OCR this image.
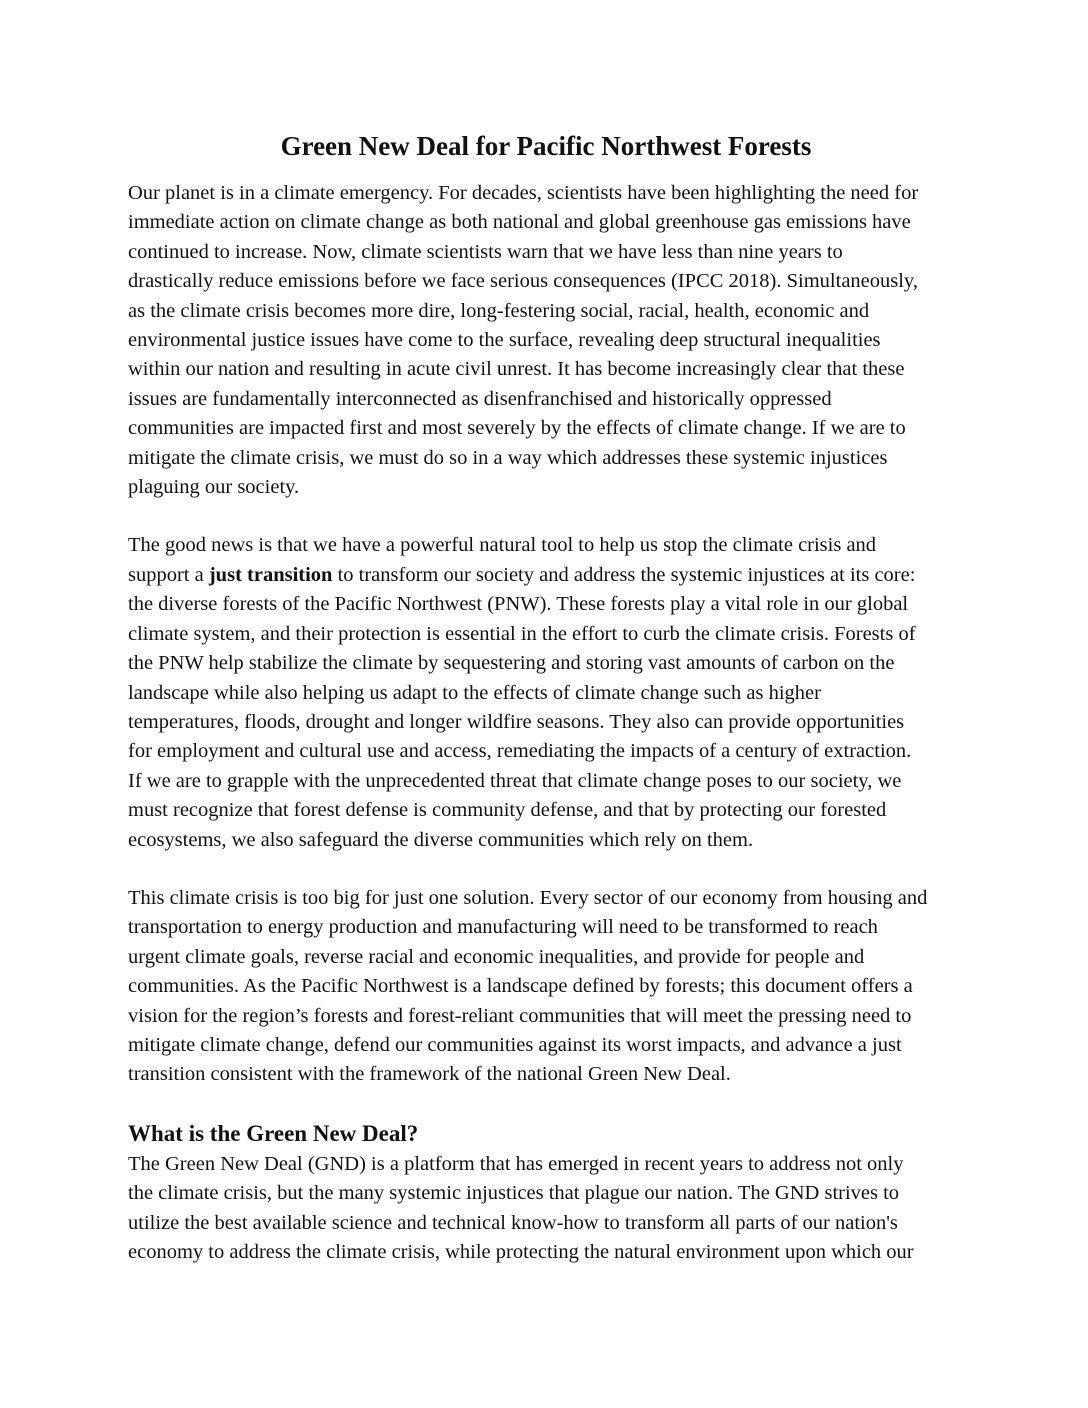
Green New Deal for Pacific Northwest Forests

Our planet is in a climate emergency. For decades, scientists have been highlighting the need for
immediate action on climate change as both national and global greenhouse gas emissions have
continued to increase. Now, climate scientists warn that we have less than nine years to
drastically reduce emissions before we face serious consequences (IPCC 2018). Simultaneously,
as the climate crisis becomes more dire, long-festering social, racial, health, economic and
environmental justice issues have come to the surface, revealing deep structural inequalities
within our nation and resulting in acute civil unrest. It has become increasingly clear that these
issues are fundamentally interconnected as disenfranchised and historically oppressed
communities are impacted first and most severely by the effects of climate change. If we are to
mitigate the climate crisis, we must do so in a way which addresses these systemic injustices
plaguing our society.

The good news is that we have a powerful natural tool to help us stop the climate crisis and
support a just transition to transform our society and address the systemic injustices at its core:
the diverse forests of the Pacific Northwest (PNW). These forests play a vital role in our global
climate system, and their protection is essential in the effort to curb the climate crisis. Forests of
the PNW help stabilize the climate by sequestering and storing vast amounts of carbon on the
landscape while also helping us adapt to the effects of climate change such as higher
temperatures, floods, drought and longer wildfire seasons. They also can provide opportunities
for employment and cultural use and access, remediating the impacts of a century of extraction.
If we are to grapple with the unprecedented threat that climate change poses to our society, we
must recognize that forest defense is community defense, and that by protecting our forested
ecosystems, we also safeguard the diverse communities which rely on them.

This climate crisis is too big for just one solution. Every sector of our economy from housing and
transportation to energy production and manufacturing will need to be transformed to reach
urgent climate goals, reverse racial and economic inequalities, and provide for people and
communities. As the Pacific Northwest is a landscape defined by forests; this document offers a
vision for the region’s forests and forest-reliant communities that will meet the pressing need to
mitigate climate change, defend our communities against its worst impacts, and advance a just
transition consistent with the framework of the national Green New Deal.

What is the Green New Deal?

The Green New Deal (GND) is a platform that has emerged in recent years to address not only
the climate crisis, but the many systemic injustices that plague our nation. The GND strives to
utilize the best available science and technical know-how to transform all parts of our nation's
economy to address the climate crisis, while protecting the natural environment upon which our
